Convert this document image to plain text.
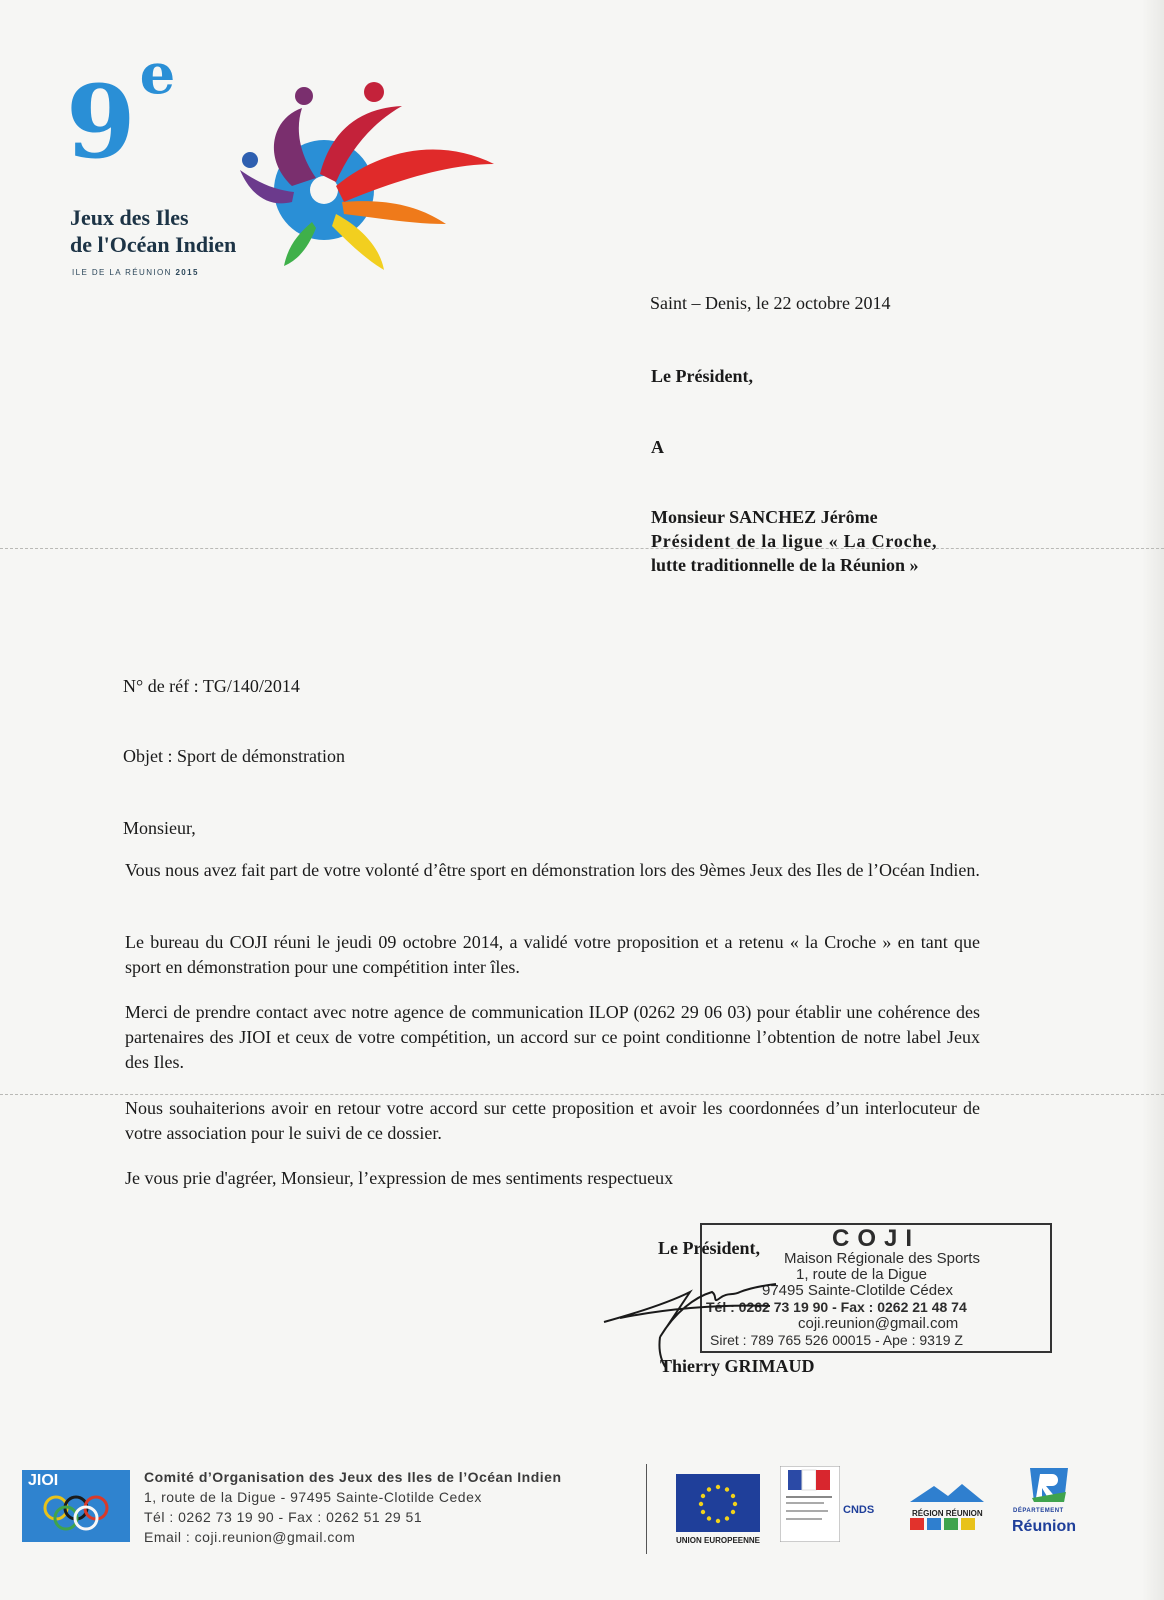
9e
Jeux des Iles
de l'Océan Indien
ILE DE LA RÉUNION 2015
Saint – Denis, le 22 octobre 2014
Le Président,
A
Monsieur SANCHEZ Jérôme
Président de la ligue « La Croche,
lutte traditionnelle de la Réunion »
N° de réf : TG/140/2014
Objet : Sport de démonstration
Monsieur,
Vous nous avez fait part de votre volonté d’être sport en démonstration lors des 9èmes Jeux des Iles de l’Océan Indien.
Le bureau du COJI réuni le jeudi 09 octobre 2014, a validé votre proposition et a retenu « la Croche » en tant que sport en démonstration pour une compétition inter îles.
Merci de prendre contact avec notre agence de communication ILOP (0262 29 06 03) pour établir une cohérence des partenaires des JIOI et ceux de votre compétition, un accord sur ce point conditionne l’obtention de notre label Jeux des Iles.
Nous souhaiterions avoir en retour votre accord sur cette proposition et avoir les coordonnées d’un interlocuteur de votre association pour le suivi de ce dossier.
Je vous prie d'agréer, Monsieur, l’expression de mes sentiments respectueux
Le Président,	COJI
Maison Régionale des Sports
1, route de la Digue
97495 Sainte-Clotilde Cédex
Tél : 0262 73 19 90 - Fax : 0262 21 48 74
coji.reunion@gmail.com
Siret : 789 765 526 00015 - Ape : 9319 Z
Thierry GRIMAUD
JIOI	Comité d’Organisation des Jeux des Iles de l’Océan Indien
1, route de la Digue - 97495 Sainte-Clotilde Cedex
Tél : 0262 73 19 90 - Fax : 0262 51 29 51
Email : coji.reunion@gmail.com	UNION EUROPEENNE
CNDS	RÉGION RÉUNION	DÉPARTEMENT
Réunion
